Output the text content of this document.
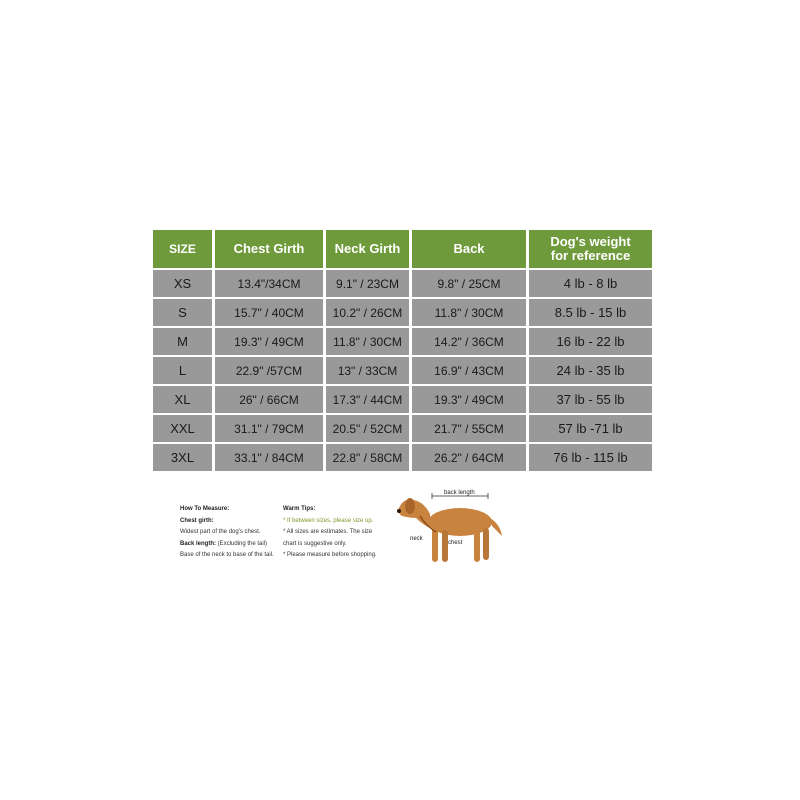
SIZE	Chest Girth	Neck Girth	Back	Dog's weight
for reference

XS	13.4"/34CM	9.1" / 23CM	9.8" / 25CM	4 lb - 8 lb
S	15.7" / 40CM	10.2" / 26CM	11.8" / 30CM	8.5 lb - 15 lb
M	19.3" / 49CM	11.8" / 30CM	14.2" / 36CM	16 lb - 22 lb
L	22.9" /57CM	13" / 33CM	16.9" / 43CM	24 lb - 35 lb
XL	26" / 66CM	17.3" / 44CM	19.3" / 49CM	37 lb - 55 lb
XXL	31.1" / 79CM	20.5" / 52CM	21.7" / 55CM	57 lb -71 lb
3XL	33.1" / 84CM	22.8" / 58CM	26.2" / 64CM	76 lb - 115 lb
How To Measure:
Chest girth:
Widest part of the dog's chest.
Back length: (Excluding the tail)
Base of the neck to base of the tail.
Warm Tips:
* If between sizes, please size up.
* All sizes are estimates. The size
chart is suggestive only.
* Please measure before shopping.
back length
neck
chest
